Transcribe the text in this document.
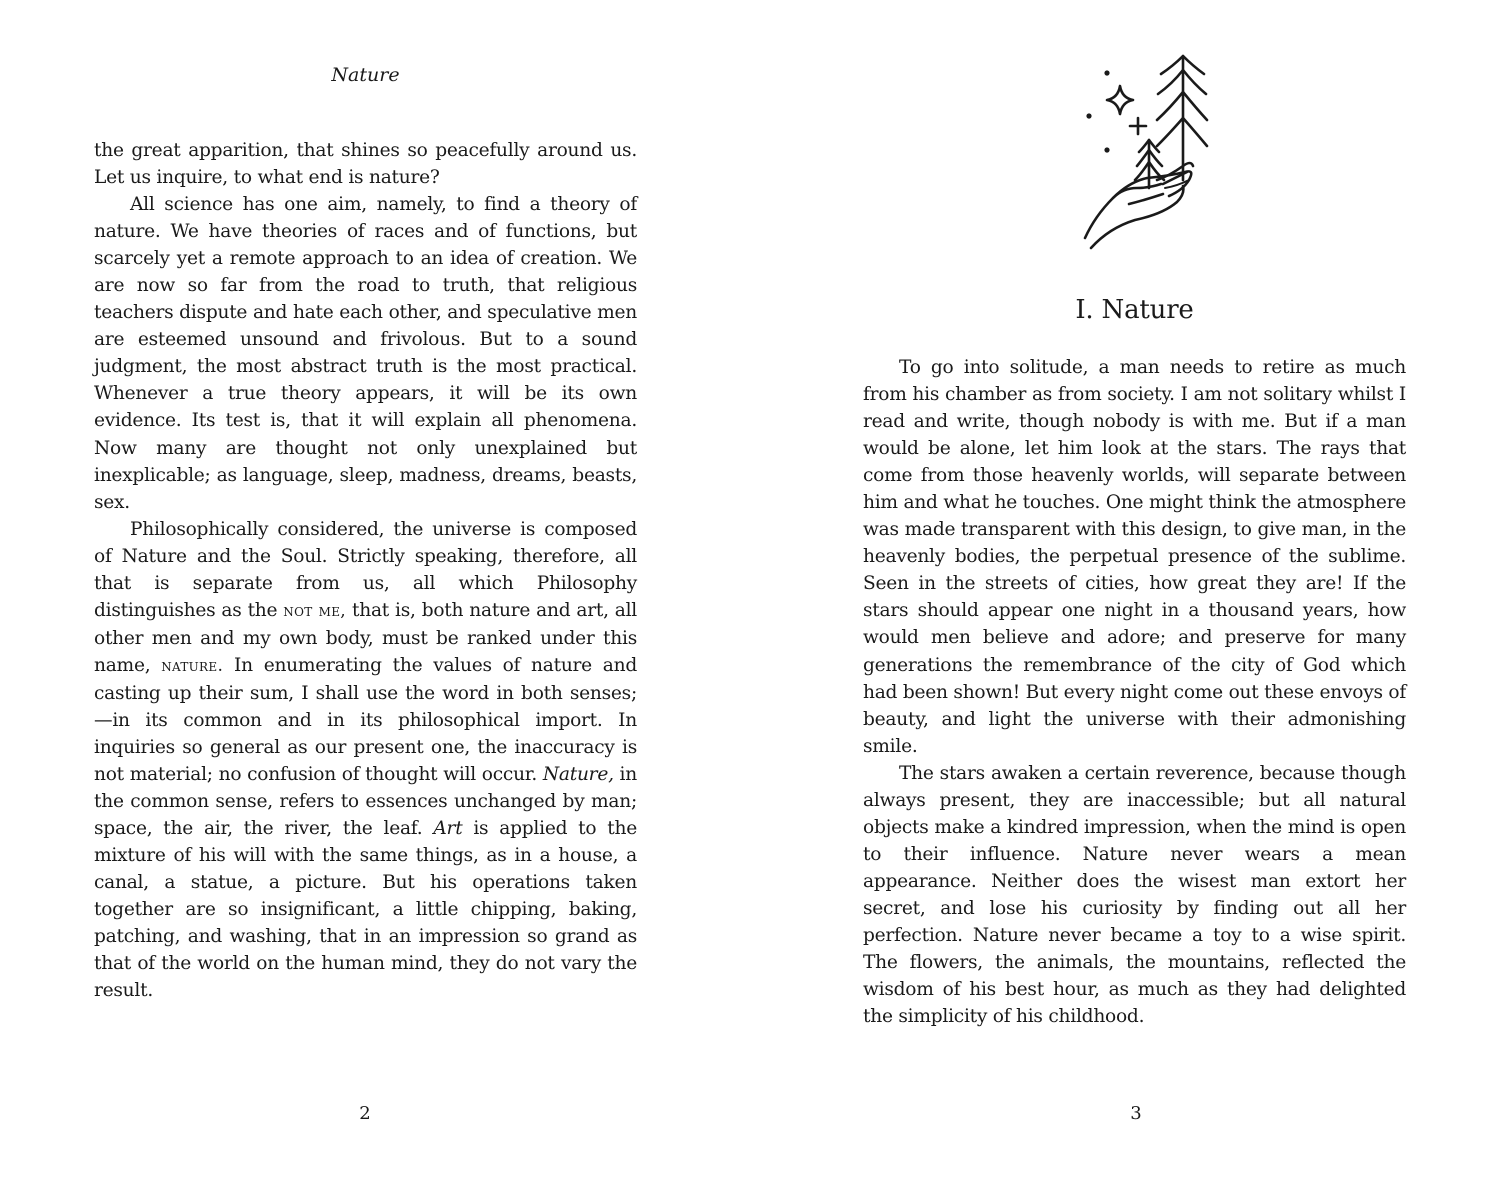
Nature

the great apparition, that shines so peacefully around us. Let us inquire, to what end is nature?

All science has one aim, namely, to find a theory of nature. We have theories of races and of functions, but scarcely yet a remote approach to an idea of creation. We are now so far from the road to truth, that religious teachers dispute and hate each other, and speculative men are esteemed unsound and frivolous. But to a sound judgment, the most abstract truth is the most practical. Whenever a true theory appears, it will be its own evidence. Its test is, that it will explain all phenomena. Now many are thought not only unexplained but inexplicable; as language, sleep, madness, dreams, beasts, sex.

Philosophically considered, the universe is composed of Nature and the Soul. Strictly speaking, therefore, all that is separate from us, all which Philosophy distinguishes as the not me, that is, both nature and art, all other men and my own body, must be ranked under this name, nature. In enumerating the values of nature and casting up their sum, I shall use the word in both senses;—in its common and in its philosophical import. In inquiries so general as our present one, the inaccuracy is not material; no confusion of thought will occur. Nature, in the common sense, refers to essences unchanged by man; space, the air, the river, the leaf. Art is applied to the mixture of his will with the same things, as in a house, a canal, a statue, a picture. But his operations taken together are so insignificant, a little chipping, baking, patching, and washing, that in an impression so grand as that of the world on the human mind, they do not vary the result.

2
I. Nature

To go into solitude, a man needs to retire as much from his chamber as from society. I am not solitary whilst I read and write, though nobody is with me. But if a man would be alone, let him look at the stars. The rays that come from those heavenly worlds, will separate between him and what he touches. One might think the atmosphere was made transparent with this design, to give man, in the heavenly bodies, the perpetual presence of the sublime. Seen in the streets of cities, how great they are! If the stars should appear one night in a thousand years, how would men believe and adore; and preserve for many generations the remembrance of the city of God which had been shown! But every night come out these envoys of beauty, and light the universe with their admonishing smile.

The stars awaken a certain reverence, because though always present, they are inaccessible; but all natural objects make a kindred impression, when the mind is open to their influence. Nature never wears a mean appearance. Neither does the wisest man extort her secret, and lose his curiosity by finding out all her perfection. Nature never became a toy to a wise spirit. The flowers, the animals, the mountains, reflected the wisdom of his best hour, as much as they had delighted the simplicity of his childhood.

3
